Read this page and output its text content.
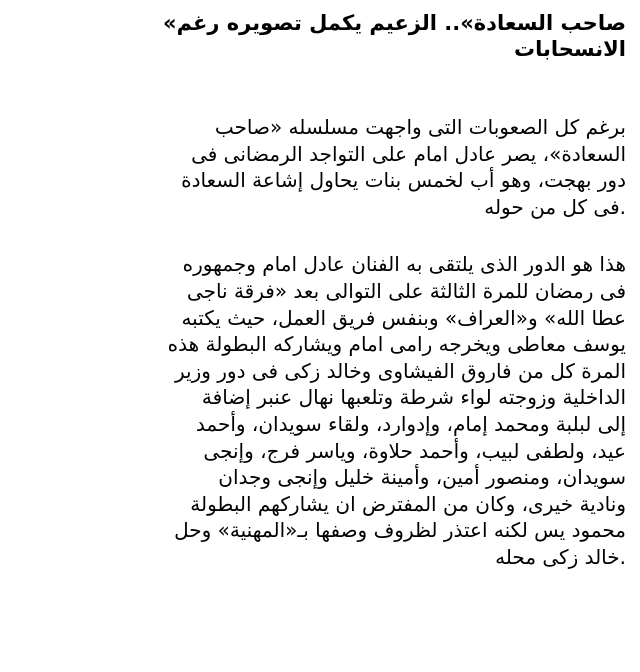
صاحب السعادة».. الزعيم يكمل تصويره رغم»
الانسحابات

برغم كل الصعوبات التى واجهت مسلسله «صاحب
السعادة»، يصر عادل امام على التواجد الرمضانى فى
دور بهجت، وهو أب لخمس بنات يحاول إشاعة السعادة
.فى كل من حوله

هذا هو الدور الذى يلتقى به الفنان عادل امام وجمهوره
فى رمضان للمرة الثالثة على التوالى بعد «فرقة ناجى
عطا الله» و«العراف» وبنفس فريق العمل، حيث يكتبه
يوسف معاطى ويخرجه رامى امام ويشاركه البطولة هذه
المرة كل من فاروق الفيشاوى وخالد زكى فى دور وزير
الداخلية وزوجته لواء شرطة وتلعبها نهال عنبر إضافة
إلى لبلبة ومحمد إمام، وإدوارد، ولقاء سويدان، وأحمد
عيد، ولطفى لبيب، وأحمد حلاوة، وياسر فرج، وإنجى
سويدان، ومنصور أمين، وأمينة خليل وإنجى وجدان
ونادية خيرى، وكان من المفترض ان يشاركهم البطولة
محمود يس لكنه اعتذر لظروف وصفها بـ«المهنية» وحل
.خالد زكى محله
